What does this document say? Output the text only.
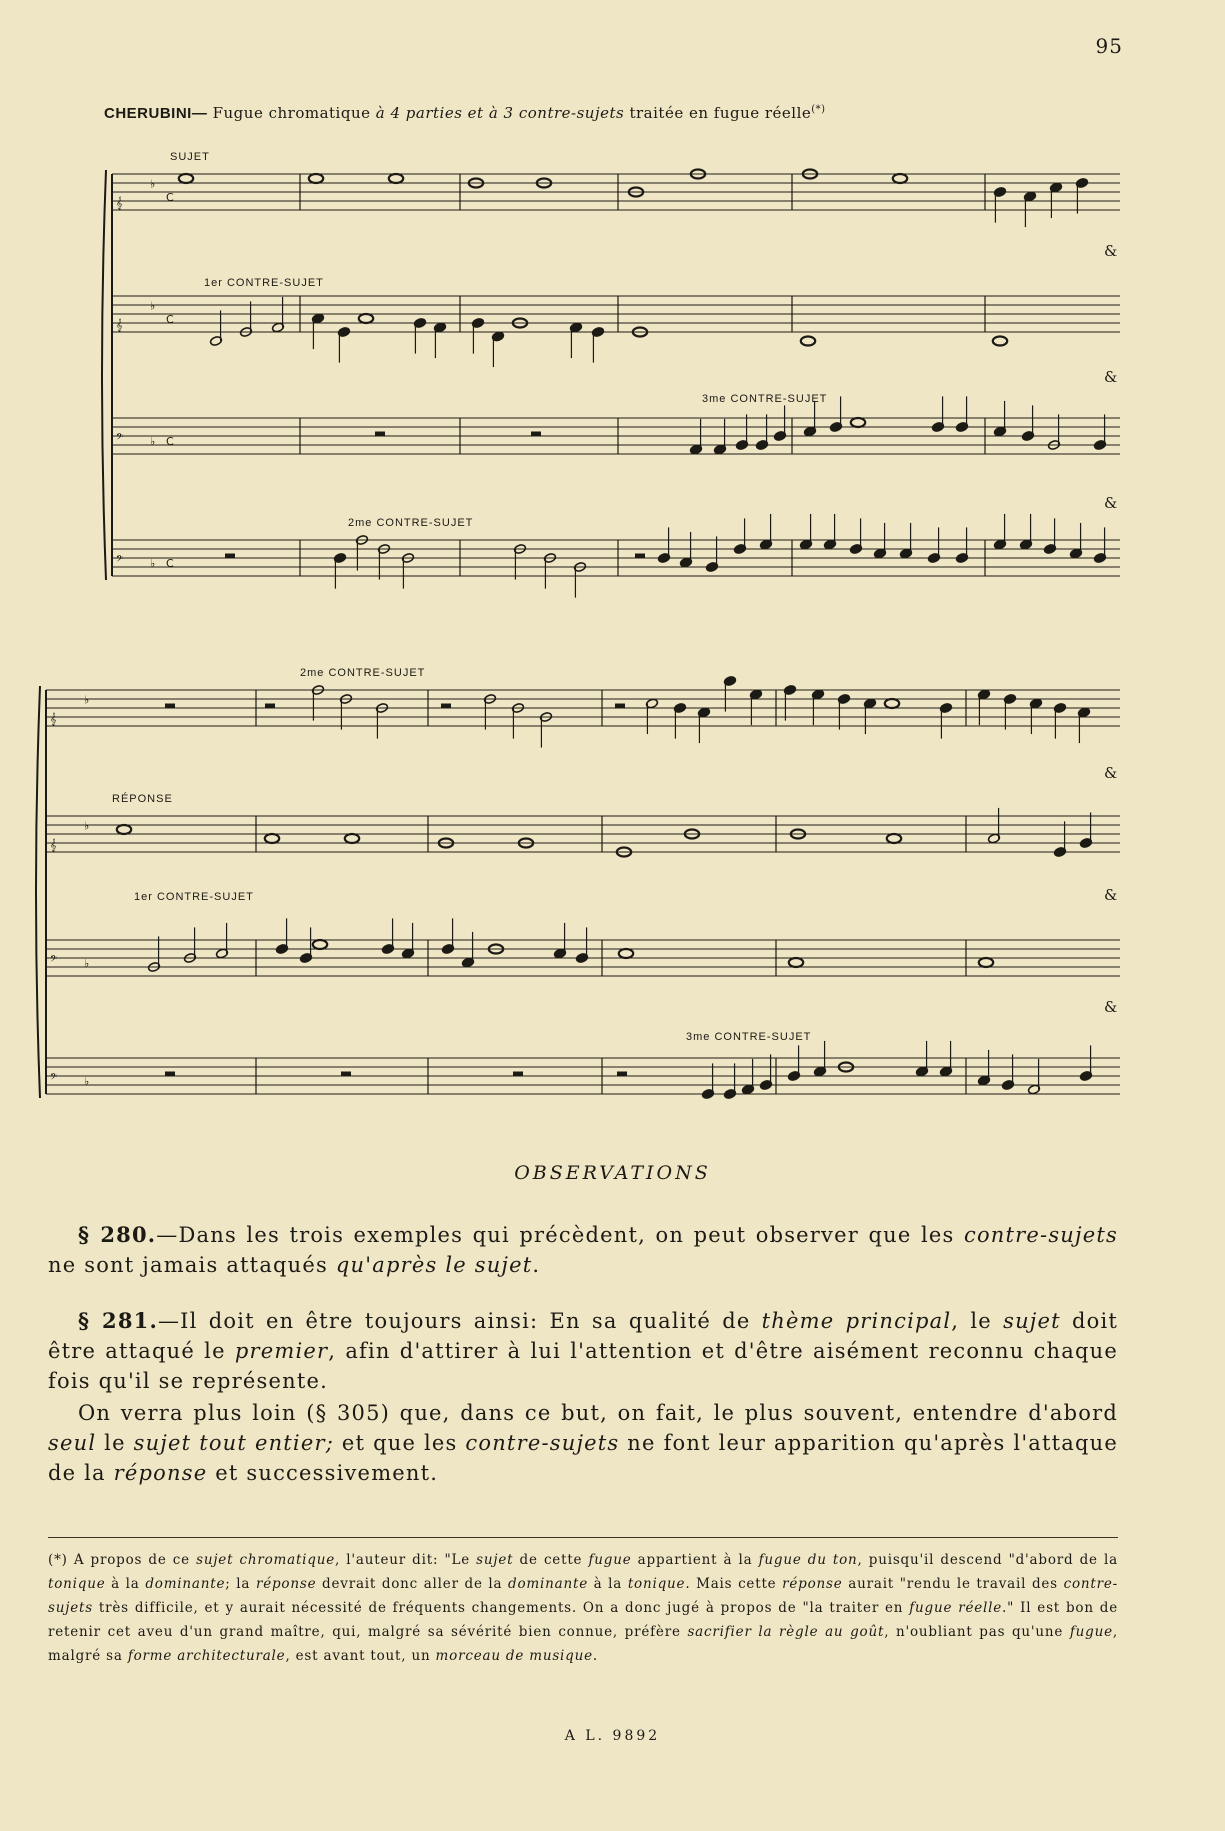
95
CHERUBINI— Fugue chromatique à 4 parties et à 3 contre-sujets traitée en fugue réelle(*)
𝄞
♭
C
𝄞
♭
C
𝄢 ♭ C
𝄢 ♭ C
SUJET
1er CONTRE-SUJET
3me CONTRE-SUJET
2me CONTRE-SUJET
&
&
&
𝄞
♭
𝄞
♭
𝄢 ♭
𝄢 ♭
2me CONTRE-SUJET
RÉPONSE
1er CONTRE-SUJET
3me CONTRE-SUJET
&
&
&
OBSERVATIONS
§ 280.—Dans les trois exemples qui précèdent, on peut observer que les contre-sujets ne sont jamais attaqués qu'après le sujet.
§ 281.—Il doit en être toujours ainsi: En sa qualité de thème principal, le sujet doit être attaqué le premier, afin d'attirer à lui l'attention et d'être aisément reconnu chaque fois qu'il se représente.
On verra plus loin (§ 305) que, dans ce but, on fait, le plus souvent, entendre d'abord seul le sujet tout entier; et que les contre-sujets ne font leur apparition qu'après l'attaque de la réponse et successivement.
(*) A propos de ce sujet chromatique, l'auteur dit: "Le sujet de cette fugue appartient à la fugue du ton, puisqu'il descend "d'abord de la tonique à la dominante; la réponse devrait donc aller de la dominante à la tonique. Mais cette réponse aurait "rendu le travail des contre-sujets très difficile, et y aurait nécessité de fréquents changements. On a donc jugé à propos de "la traiter en fugue réelle." Il est bon de retenir cet aveu d'un grand maître, qui, malgré sa sévérité bien connue, préfère sacrifier la règle au goût, n'oubliant pas qu'une fugue, malgré sa forme architecturale, est avant tout, un morceau de musique.
A L. 9892
